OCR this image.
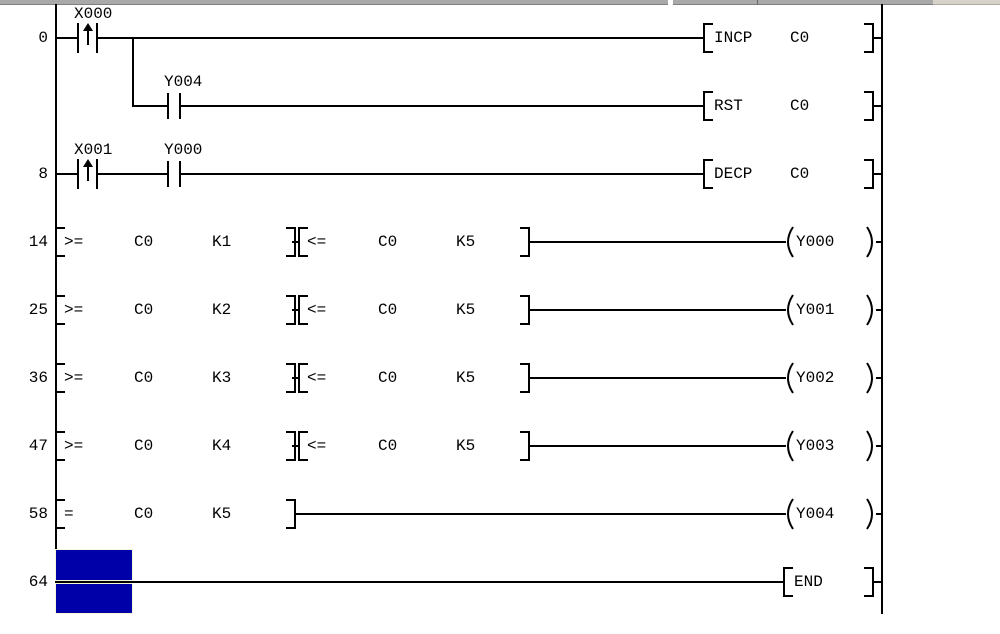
0
X000
INCP C0
Y004
RST	C0
8
X001	Y000
DECP C0
14 >=	C0	K1	<=	C0	K5	Y000
25 >=	C0	K2	<=	C0	K5	Y001
36 >=	C0	K3	<=	C0	K5	Y002
47 >=	C0	K4	<=	C0	K5	Y003
58 =	C0	K5	Y004
64	END
